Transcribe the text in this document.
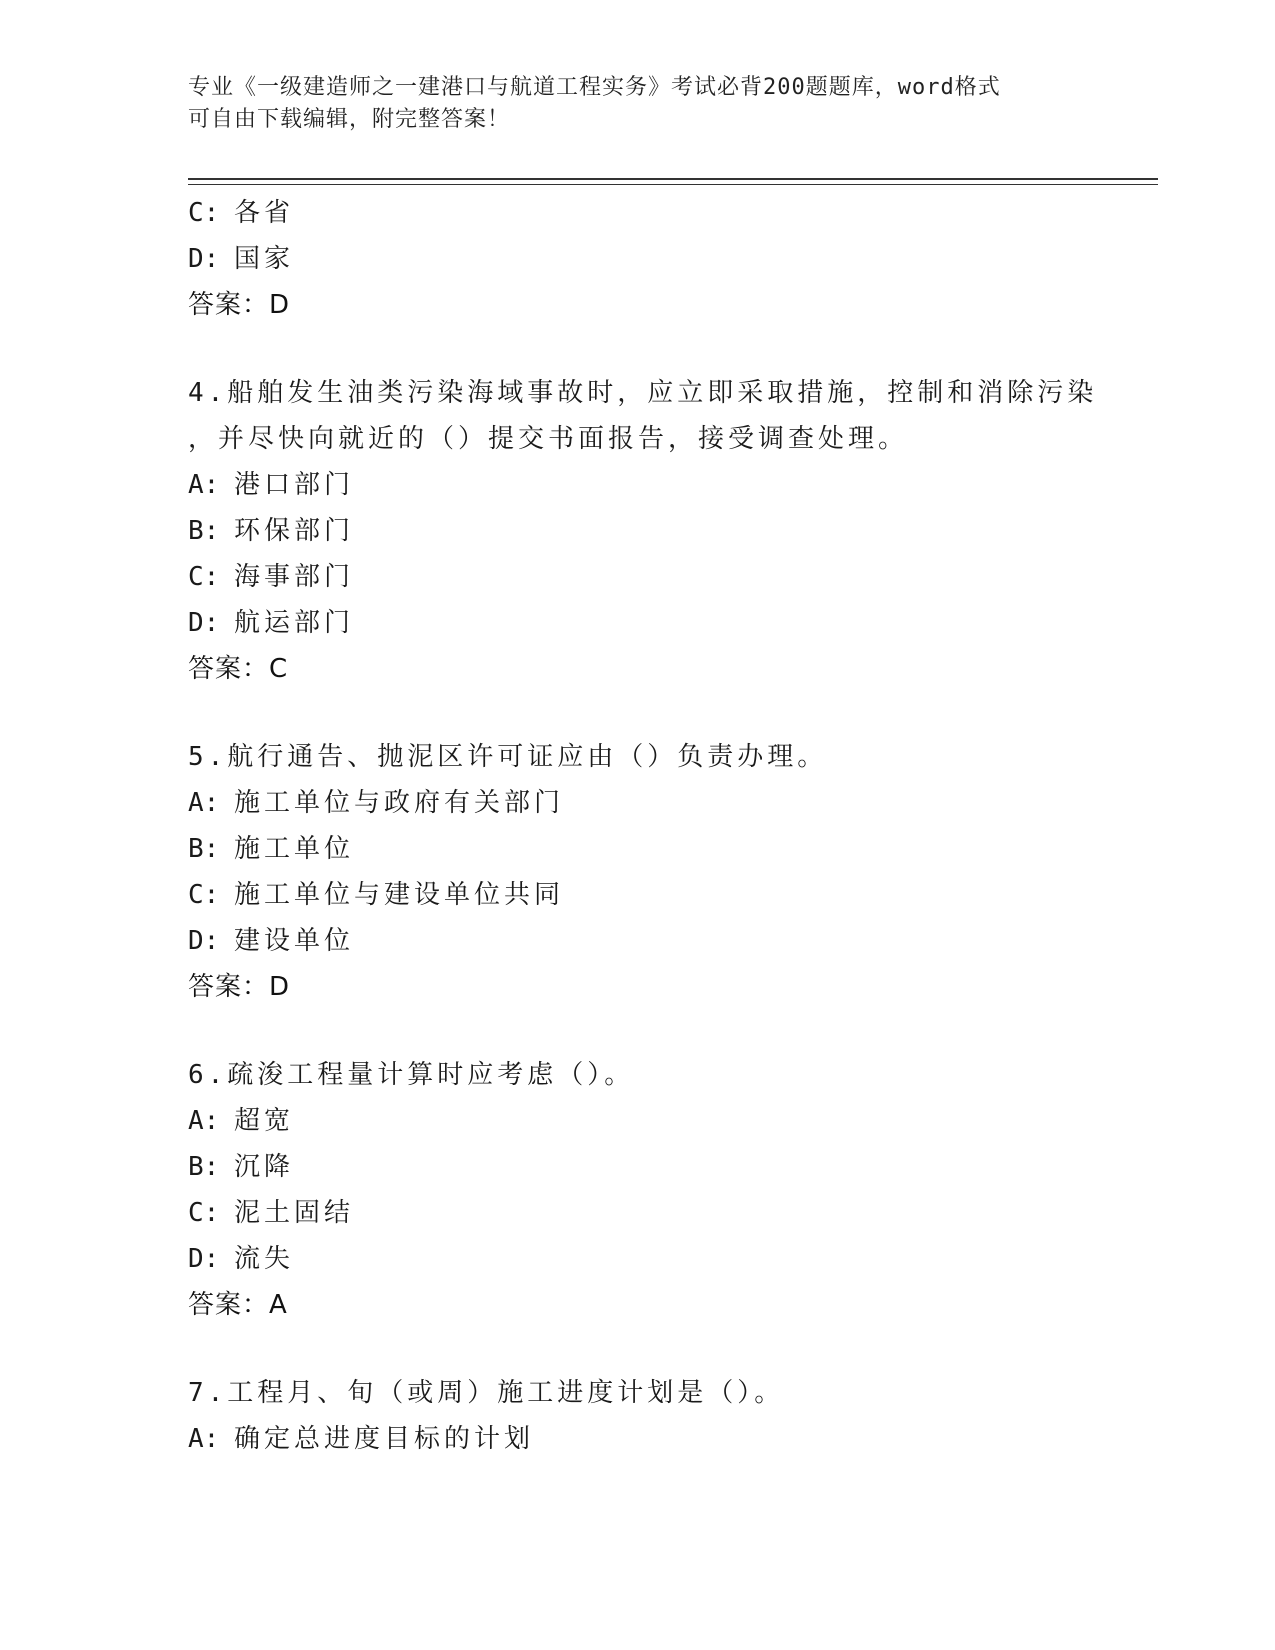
专业《一级建造师之一建港口与航道工程实务》考试必背200题题库，word格式
可自由下载编辑，附完整答案！
C: 各省
D: 国家
答案：D
4.船舶发生油类污染海域事故时，应立即采取措施，控制和消除污染
，并尽快向就近的（）提交书面报告，接受调查处理。
A: 港口部门
B: 环保部门
C: 海事部门
D: 航运部门
答案：C
5.航行通告、抛泥区许可证应由（）负责办理。
A: 施工单位与政府有关部门
B: 施工单位
C: 施工单位与建设单位共同
D: 建设单位
答案：D
6.疏浚工程量计算时应考虑（）。
A: 超宽
B: 沉降
C: 泥土固结
D: 流失
答案：A
7.工程月、旬（或周）施工进度计划是（）。
A: 确定总进度目标的计划
